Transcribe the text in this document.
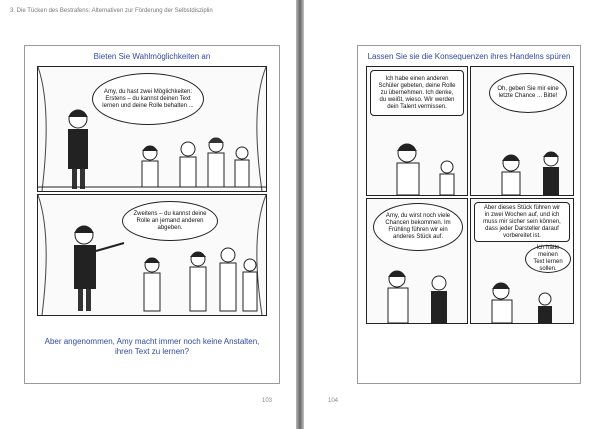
3. Die Tücken des Bestrafens: Alternativen zur Förderung der Selbstdisziplin
Bieten Sie Wahlmöglichkeiten an
Amy, du hast zwei Möglichkeiten: Erstens – du kannst deinen Text lernen und deine Rolle behalten ...
Zweitens – du kannst deine Rolle an jemand anderen abgeben.
Aber angenommen, Amy macht immer noch keine Anstalten, ihren Text zu lernen?
103
Lassen Sie sie die Konsequenzen ihres Handelns spüren
Ich habe einen anderen Schüler gebeten, deine Rolle zu übernehmen. Ich denke, du weißt, wieso. Wir werden dein Talent vermissen.
Oh, geben Sie mir eine letzte Chance ... Bitte!
Amy, du wirst noch viele Chancen bekommen. Im Frühling führen wir ein anderes Stück auf.
Aber dieses Stück führen wir in zwei Wochen auf, und ich muss mir sicher sein können, dass jeder Darsteller darauf vorbereitet ist.
Ich hätte meinen Text lernen sollen.
104
